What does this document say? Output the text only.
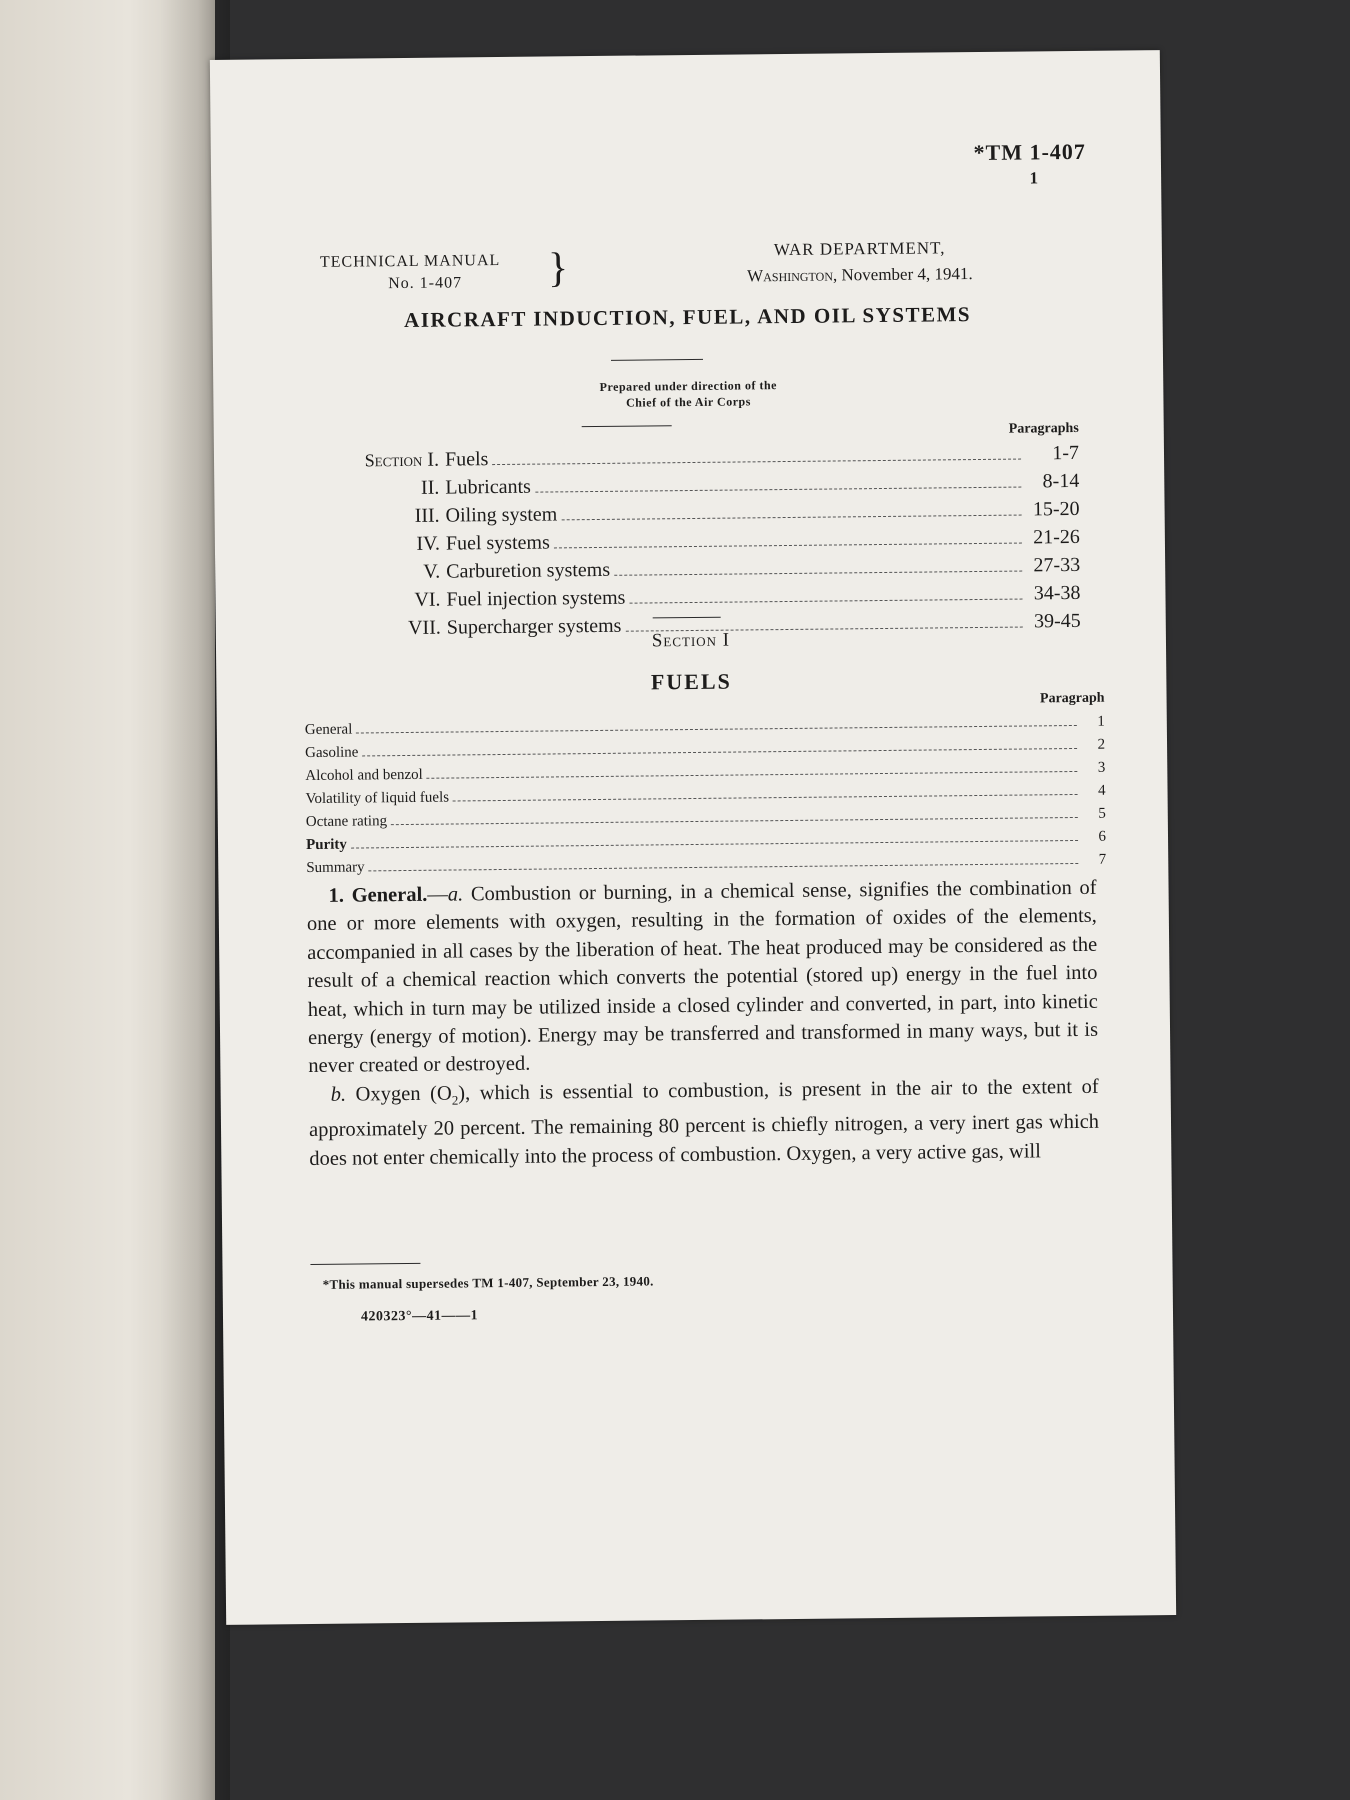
*TM 1-407
1
TECHNICAL MANUAL
No. 1-407	}	WAR DEPARTMENT,
Washington, November 4, 1941.
AIRCRAFT INDUCTION, FUEL, AND OIL SYSTEMS
Prepared under direction of the
Chief of the Air Corps
Paragraphs
Section I. Fuels	1-7
II. Lubricants	8-14
III. Oiling system	15-20
IV. Fuel systems	21-26
V. Carburetion systems	27-33
VI. Fuel injection systems	34-38
VII. Supercharger systems	39-45
Section I
FUELS
Paragraph
General	1
Gasoline	2
Alcohol and benzol	3
Volatility of liquid fuels	4
Octane rating	5
Purity	6
Summary	7

1. General.—a. Combustion or burning, in a chemical sense, signifies the combination of one or more elements with oxygen, resulting in the formation of oxides of the elements, accompanied in all cases by the liberation of heat. The heat produced may be considered as the result of a chemical reaction which converts the potential (stored up) energy in the fuel into heat, which in turn may be utilized inside a closed cylinder and converted, in part, into kinetic energy (energy of motion). Energy may be transferred and transformed in many ways, but it is never created or destroyed.

b. Oxygen $(O_2)$, which is essential to combustion, is present in the air to the extent of approximately 20 percent. The remaining 80 percent is chiefly nitrogen, a very inert gas which does not enter chemically into the process of combustion. Oxygen, a very active gas, will

*This manual supersedes TM 1-407, September 23, 1940.
420323°—41——1
